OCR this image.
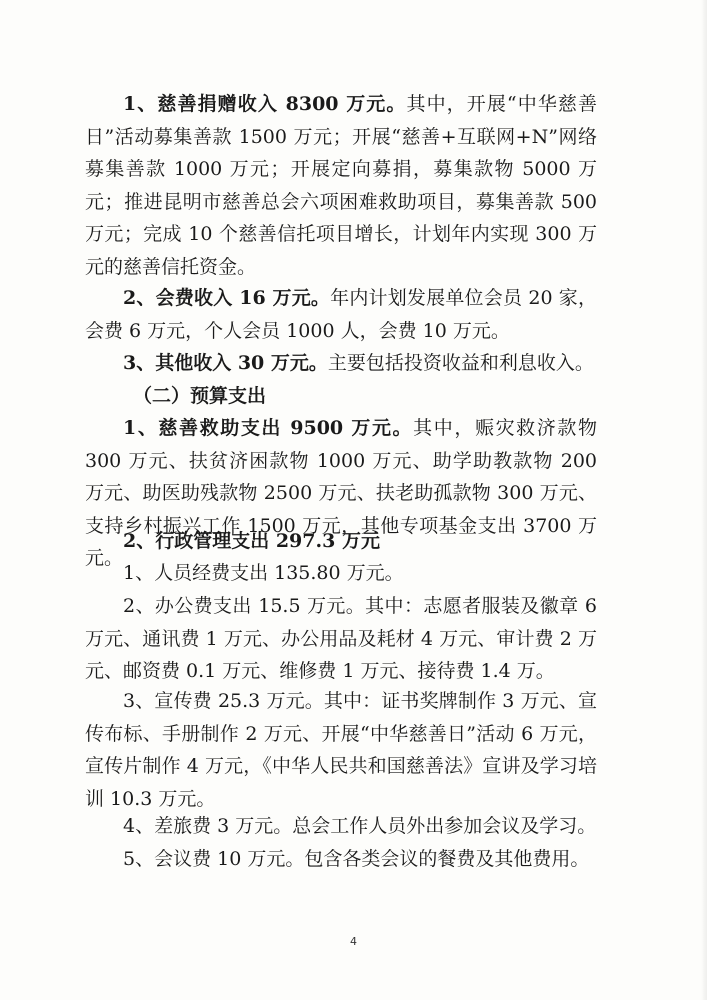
1、慈善捐赠收入 8300 万元。其中，开展“中华慈善日”活动募集善款 1500 万元；开展“慈善+互联网+N”网络募集善款 1000 万元；开展定向募捐，募集款物 5000 万元；推进昆明市慈善总会六项困难救助项目，募集善款 500 万元；完成 10 个慈善信托项目增长，计划年内实现 300 万元的慈善信托资金。

2、会费收入 16 万元。年内计划发展单位会员 20 家，会费 6 万元，个人会员 1000 人，会费 10 万元。

3、其他收入 30 万元。主要包括投资收益和利息收入。

（二）预算支出

1、慈善救助支出 9500 万元。其中，赈灾救济款物 300 万元、扶贫济困款物 1000 万元、助学助教款物 200 万元、助医助残款物 2500 万元、扶老助孤款物 300 万元、支持乡村振兴工作 1500 万元，其他专项基金支出 3700 万元。

2、行政管理支出 297.3 万元

1、人员经费支出 135.80 万元。

2、办公费支出 15.5 万元。其中：志愿者服装及徽章 6 万元、通讯费 1 万元、办公用品及耗材 4 万元、审计费 2 万元、邮资费 0.1 万元、维修费 1 万元、接待费 1.4 万。

3、宣传费 25.3 万元。其中：证书奖牌制作 3 万元、宣传布标、手册制作 2 万元、开展“中华慈善日”活动 6 万元，宣传片制作 4 万元，《中华人民共和国慈善法》宣讲及学习培训 10.3 万元。

4、差旅费 3 万元。总会工作人员外出参加会议及学习。

5、会议费 10 万元。包含各类会议的餐费及其他费用。

4
